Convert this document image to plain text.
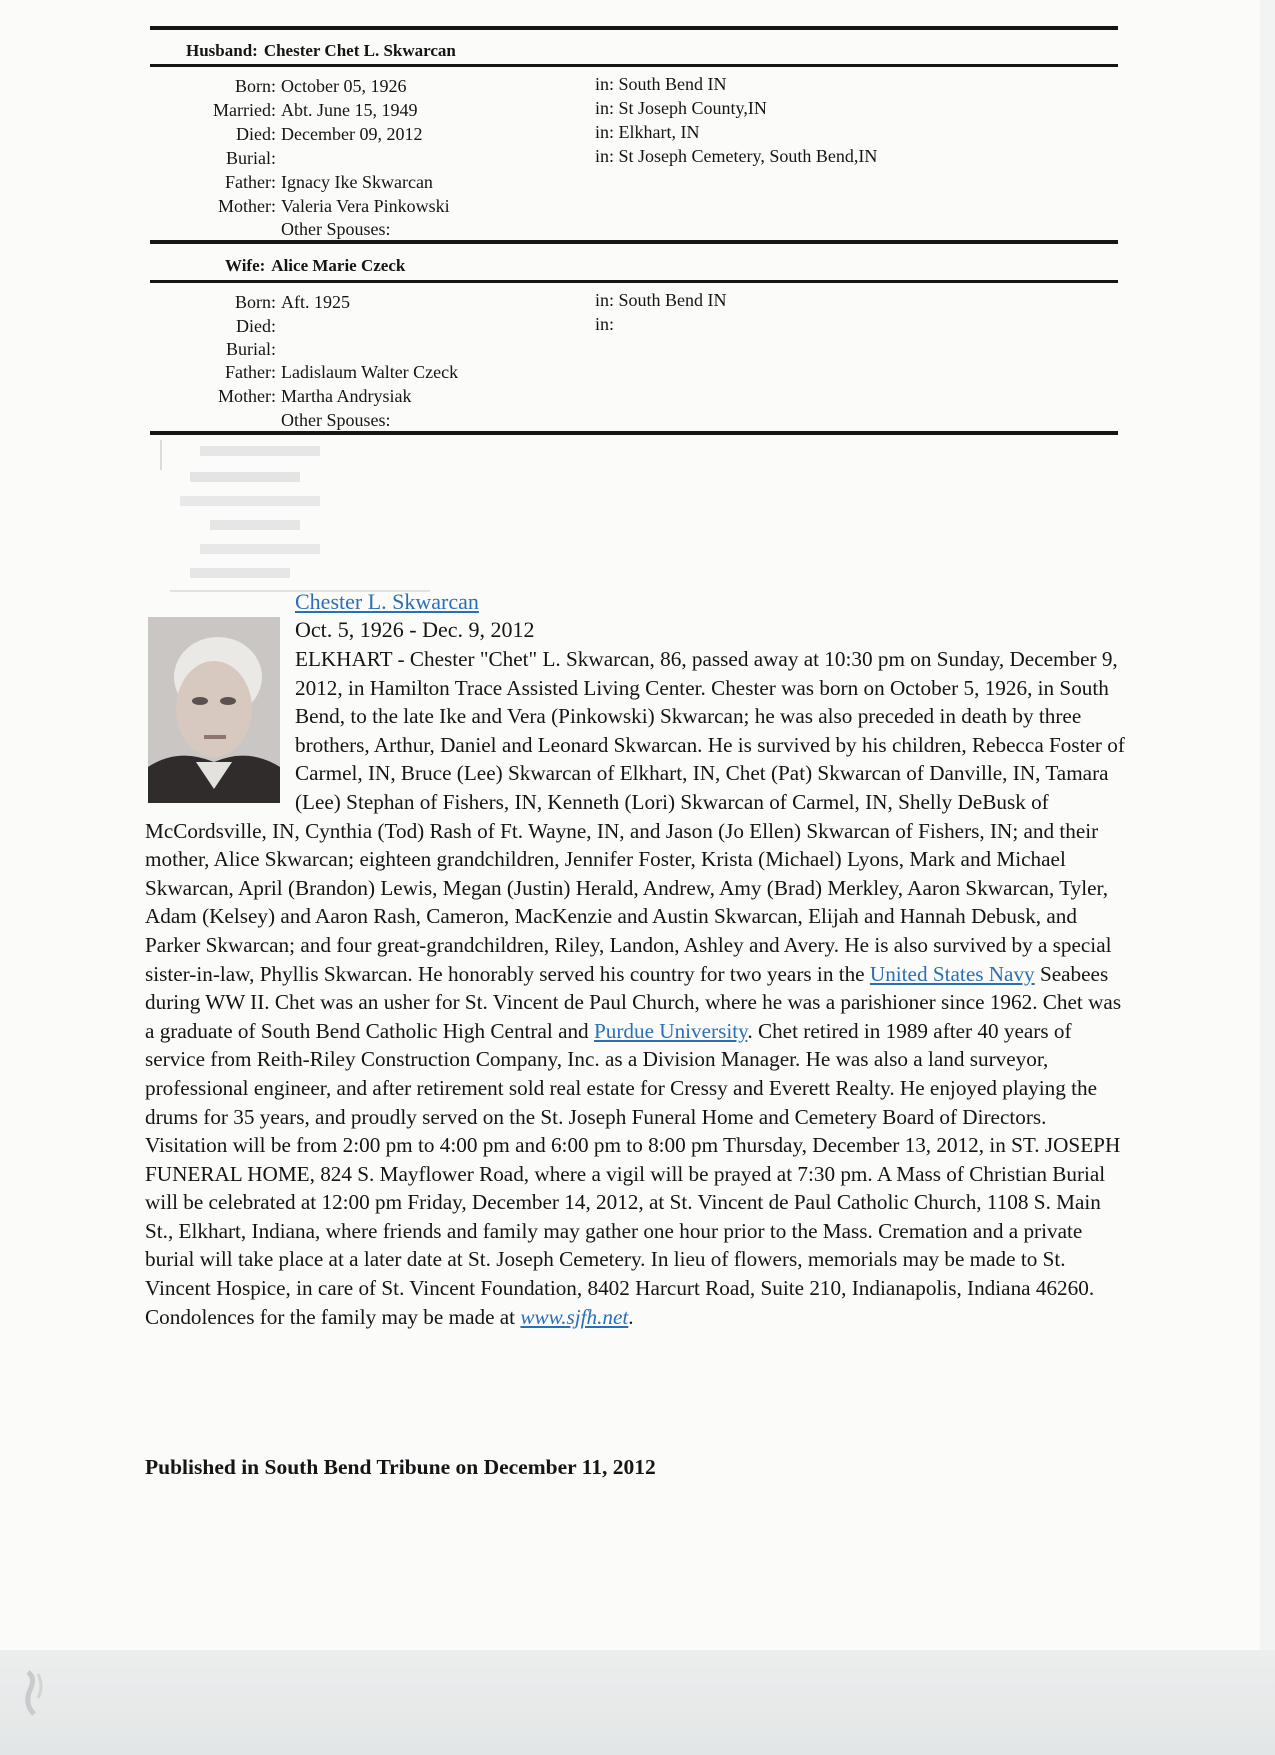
Husband: Chester Chet L. Skwarcan
Born: October 05, 1926	in: South Bend IN
Married: Abt. June 15, 1949	in: St Joseph County,IN
Died: December 09, 2012	in: Elkhart, IN
Burial:	in: St Joseph Cemetery, South Bend,IN
Father: Ignacy Ike Skwarcan
Mother: Valeria Vera Pinkowski
Other Spouses:
Wife: Alice Marie Czeck
Born: Aft. 1925	in: South Bend IN
Died:	in:
Burial:
Father: Ladislaum Walter Czeck
Mother: Martha Andrysiak
Other Spouses:
Chester L. Skwarcan
Oct. 5, 1926 - Dec. 9, 2012
ELKHART - Chester "Chet" L. Skwarcan, 86, passed away at 10:30 pm on Sunday, December 9, 2012, in Hamilton Trace Assisted Living Center. Chester was born on October 5, 1926, in South Bend, to the late Ike and Vera (Pinkowski) Skwarcan; he was also preceded in death by three brothers, Arthur, Daniel and Leonard Skwarcan. He is survived by his children, Rebecca Foster of Carmel, IN, Bruce (Lee) Skwarcan of Elkhart, IN, Chet (Pat) Skwarcan of Danville, IN, Tamara (Lee) Stephan of Fishers, IN, Kenneth (Lori) Skwarcan of Carmel, IN, Shelly DeBusk of McCordsville, IN, Cynthia (Tod) Rash of Ft. Wayne, IN, and Jason (Jo Ellen) Skwarcan of Fishers, IN; and their mother, Alice Skwarcan; eighteen grandchildren, Jennifer Foster, Krista (Michael) Lyons, Mark and Michael Skwarcan, April (Brandon) Lewis, Megan (Justin) Herald, Andrew, Amy (Brad) Merkley, Aaron Skwarcan, Tyler, Adam (Kelsey) and Aaron Rash, Cameron, MacKenzie and Austin Skwarcan, Elijah and Hannah Debusk, and Parker Skwarcan; and four great-grandchildren, Riley, Landon, Ashley and Avery. He is also survived by a special sister-in-law, Phyllis Skwarcan. He honorably served his country for two years in the United States Navy Seabees during WW II. Chet was an usher for St. Vincent de Paul Church, where he was a parishioner since 1962. Chet was a graduate of South Bend Catholic High Central and Purdue University. Chet retired in 1989 after 40 years of service from Reith-Riley Construction Company, Inc. as a Division Manager. He was also a land surveyor, professional engineer, and after retirement sold real estate for Cressy and Everett Realty. He enjoyed playing the drums for 35 years, and proudly served on the St. Joseph Funeral Home and Cemetery Board of Directors. Visitation will be from 2:00 pm to 4:00 pm and 6:00 pm to 8:00 pm Thursday, December 13, 2012, in ST. JOSEPH FUNERAL HOME, 824 S. Mayflower Road, where a vigil will be prayed at 7:30 pm. A Mass of Christian Burial will be celebrated at 12:00 pm Friday, December 14, 2012, at St. Vincent de Paul Catholic Church, 1108 S. Main St., Elkhart, Indiana, where friends and family may gather one hour prior to the Mass. Cremation and a private burial will take place at a later date at St. Joseph Cemetery. In lieu of flowers, memorials may be made to St. Vincent Hospice, in care of St. Vincent Foundation, 8402 Harcurt Road, Suite 210, Indianapolis, Indiana 46260. Condolences for the family may be made at www.sjfh.net.
Published in South Bend Tribune on December 11, 2012
